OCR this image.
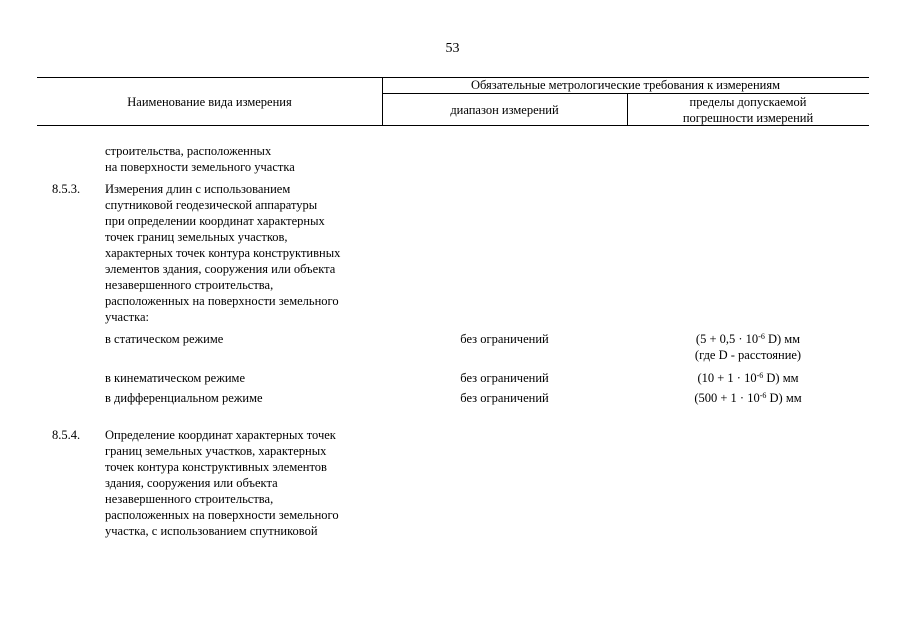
53
Наименование вида измерения
Обязательные метрологические требования к измерениям
диапазон измерений
пределы допускаемой
погрешности измерений
строительства, расположенных
на поверхности земельного участка
8.5.3. Измерения длин с использованием
спутниковой геодезической аппаратуры
при определении координат характерных
точек границ земельных участков,
характерных точек контура конструктивных
элементов здания, сооружения или объекта
незавершенного строительства,
расположенных на поверхности земельного
участка:
в статическом режиме	без ограничений	($5 + 0,5 \cdot 10^{-6}$ D) мм
(где D - расстояние)
в кинематическом режиме	без ограничений	($10 + 1 \cdot 10^{-6}$ D) мм
в дифференциальном режиме	без ограничений	($500 + 1 \cdot 10^{-6}$ D) мм
8.5.4. Определение координат характерных точек
границ земельных участков, характерных
точек контура конструктивных элементов
здания, сооружения или объекта
незавершенного строительства,
расположенных на поверхности земельного
участка, с использованием спутниковой
